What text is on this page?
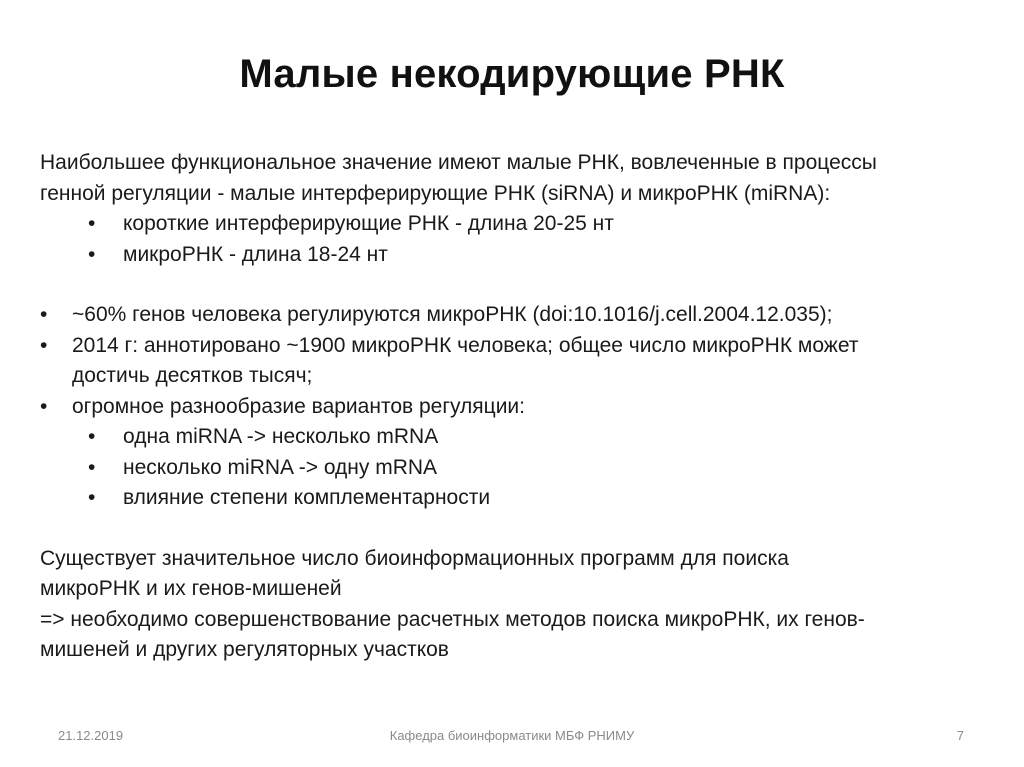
Малые некодирующие РНК

Наибольшее функциональное значение имеют малые РНК, вовлеченные в процессы

генной регуляции - малые интерферирующие РНК (siRNA) и микроРНК (miRNA):

• короткие интерферирующие РНК - длина 20-25 нт
• микроРНК - длина 18-24 нт
• ~60% генов человека регулируются микроРНК (doi:10.1016/j.cell.2004.12.035);
• 2014 г: аннотировано ~1900 микроРНК человека; общее число микроРНК может
достичь десятков тысяч;
• огромное разнообразие вариантов регуляции:
• одна miRNA -> несколько mRNA
• несколько miRNA -> одну mRNA
• влияние степени комплементарности

Существует значительное число биоинформационных программ для поиска

микроРНК и их генов-мишеней

=> необходимо совершенствование расчетных методов поиска микроРНК, их генов-

мишеней и других регуляторных участков

Кафедра биоинформатики МБФ РНИМУ
21.12.2019	7
